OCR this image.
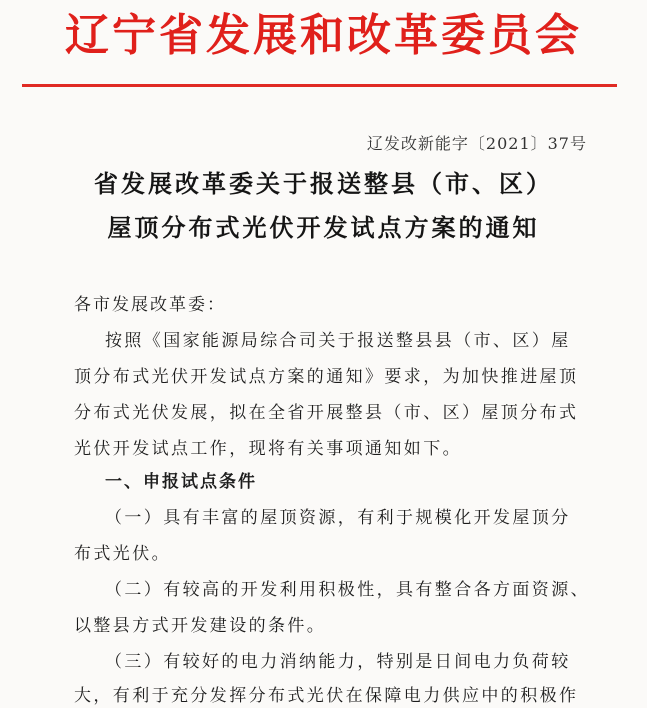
辽宁省发展和改革委员会
辽发改新能字〔2021〕37号
省发展改革委关于报送整县（市、区）
屋顶分布式光伏开发试点方案的通知
各市发展改革委：
按照《国家能源局综合司关于报送整县县（市、区）屋
顶分布式光伏开发试点方案的通知》要求，为加快推进屋顶
分布式光伏发展，拟在全省开展整县（市、区）屋顶分布式
光伏开发试点工作，现将有关事项通知如下。
一、申报试点条件
（一）具有丰富的屋顶资源，有利于规模化开发屋顶分
布式光伏。
（二）有较高的开发利用积极性，具有整合各方面资源、
以整县方式开发建设的条件。
（三）有较好的电力消纳能力，特别是日间电力负荷较
大，有利于充分发挥分布式光伏在保障电力供应中的积极作
